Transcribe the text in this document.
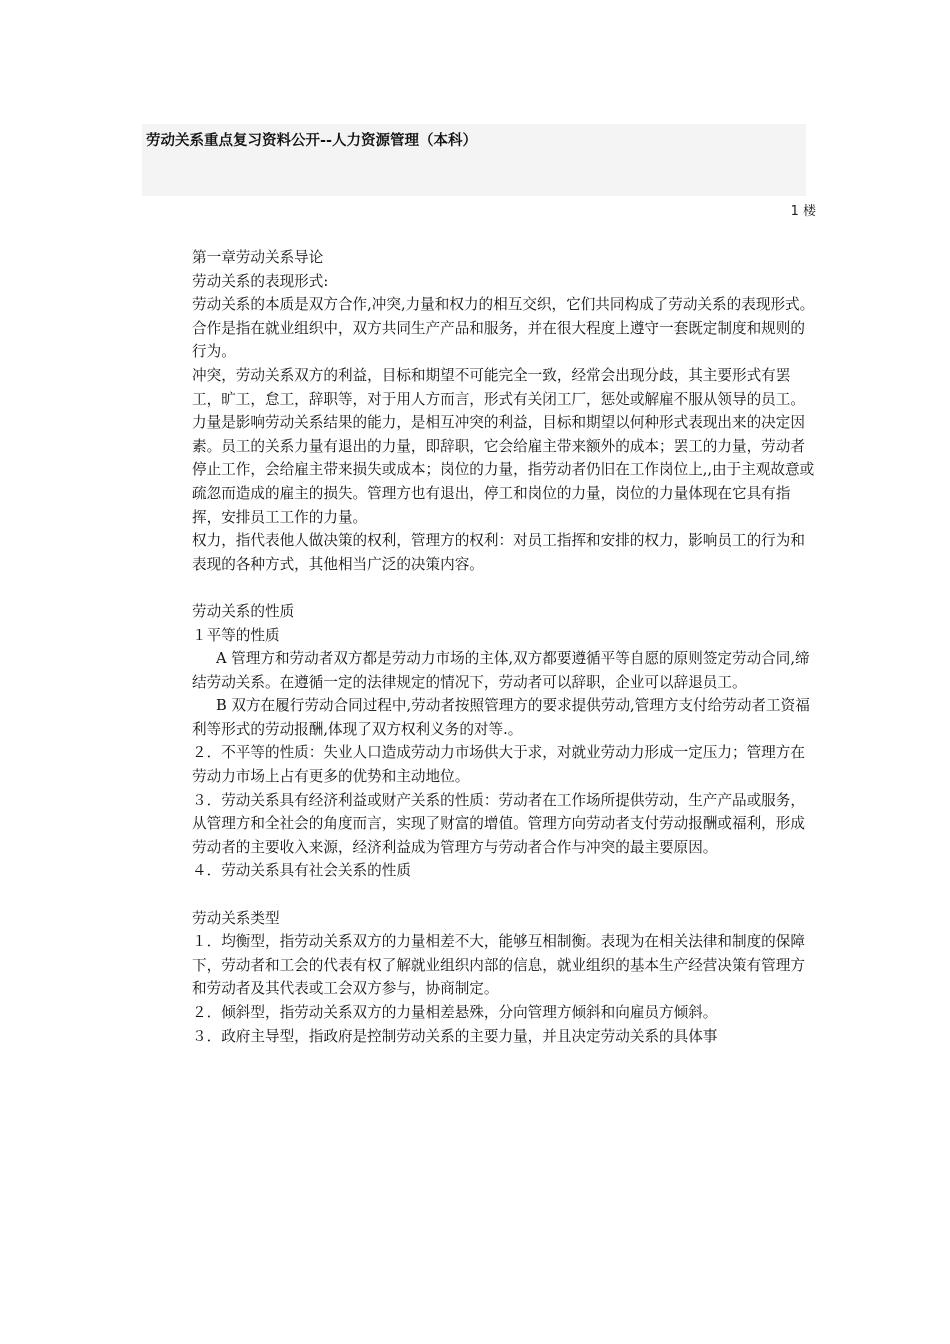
劳动关系重点复习资料公开--人力资源管理（本科）
1 楼

第一章劳动关系导论

劳动关系的表现形式:

劳动关系的本质是双方合作,冲突,力量和权力的相互交织，它们共同构成了劳动关系的表现形式。

合作是指在就业组织中，双方共同生产产品和服务，并在很大程度上遵守一套既定制度和规则的行为。

冲突，劳动关系双方的利益，目标和期望不可能完全一致，经常会出现分歧，其主要形式有罢工，旷工，怠工，辞职等，对于用人方而言，形式有关闭工厂，惩处或解雇不服从领导的员工。

力量是影响劳动关系结果的能力，是相互冲突的利益，目标和期望以何种形式表现出来的决定因素。员工的关系力量有退出的力量，即辞职，它会给雇主带来额外的成本；罢工的力量，劳动者停止工作，会给雇主带来损失或成本；岗位的力量，指劳动者仍旧在工作岗位上,,由于主观故意或疏忽而造成的雇主的损失。管理方也有退出，停工和岗位的力量，岗位的力量体现在它具有指挥，安排员工工作的力量。

权力，指代表他人做决策的权利，管理方的权利：对员工指挥和安排的权力，影响员工的行为和表现的各种方式，其他相当广泛的决策内容。

劳动关系的性质

１平等的性质

A 管理方和劳动者双方都是劳动力市场的主体,双方都要遵循平等自愿的原则签定劳动合同,缔　结劳动关系。在遵循一定的法律规定的情况下，劳动者可以辞职，企业可以辞退员工。

B 双方在履行劳动合同过程中,劳动者按照管理方的要求提供劳动,管理方支付给劳动者工资福利等形式的劳动报酬,体现了双方权利义务的对等.。

２．不平等的性质：失业人口造成劳动力市场供大于求，对就业劳动力形成一定压力；管理方在劳动力市场上占有更多的优势和主动地位。

３．劳动关系具有经济利益或财产关系的性质：劳动者在工作场所提供劳动，生产产品或服务，从管理方和全社会的角度而言，实现了财富的增值。管理方向劳动者支付劳动报酬或福利，形成劳动者的主要收入来源，经济利益成为管理方与劳动者合作与冲突的最主要原因。

４．劳动关系具有社会关系的性质

劳动关系类型

１．均衡型，指劳动关系双方的力量相差不大，能够互相制衡。表现为在相关法律和制度的保障下，劳动者和工会的代表有权了解就业组织内部的信息，就业组织的基本生产经营决策有管理方和劳动者及其代表或工会双方参与，协商制定。

２．倾斜型，指劳动关系双方的力量相差悬殊，分向管理方倾斜和向雇员方倾斜。

３．政府主导型，指政府是控制劳动关系的主要力量，并且决定劳动关系的具体事
